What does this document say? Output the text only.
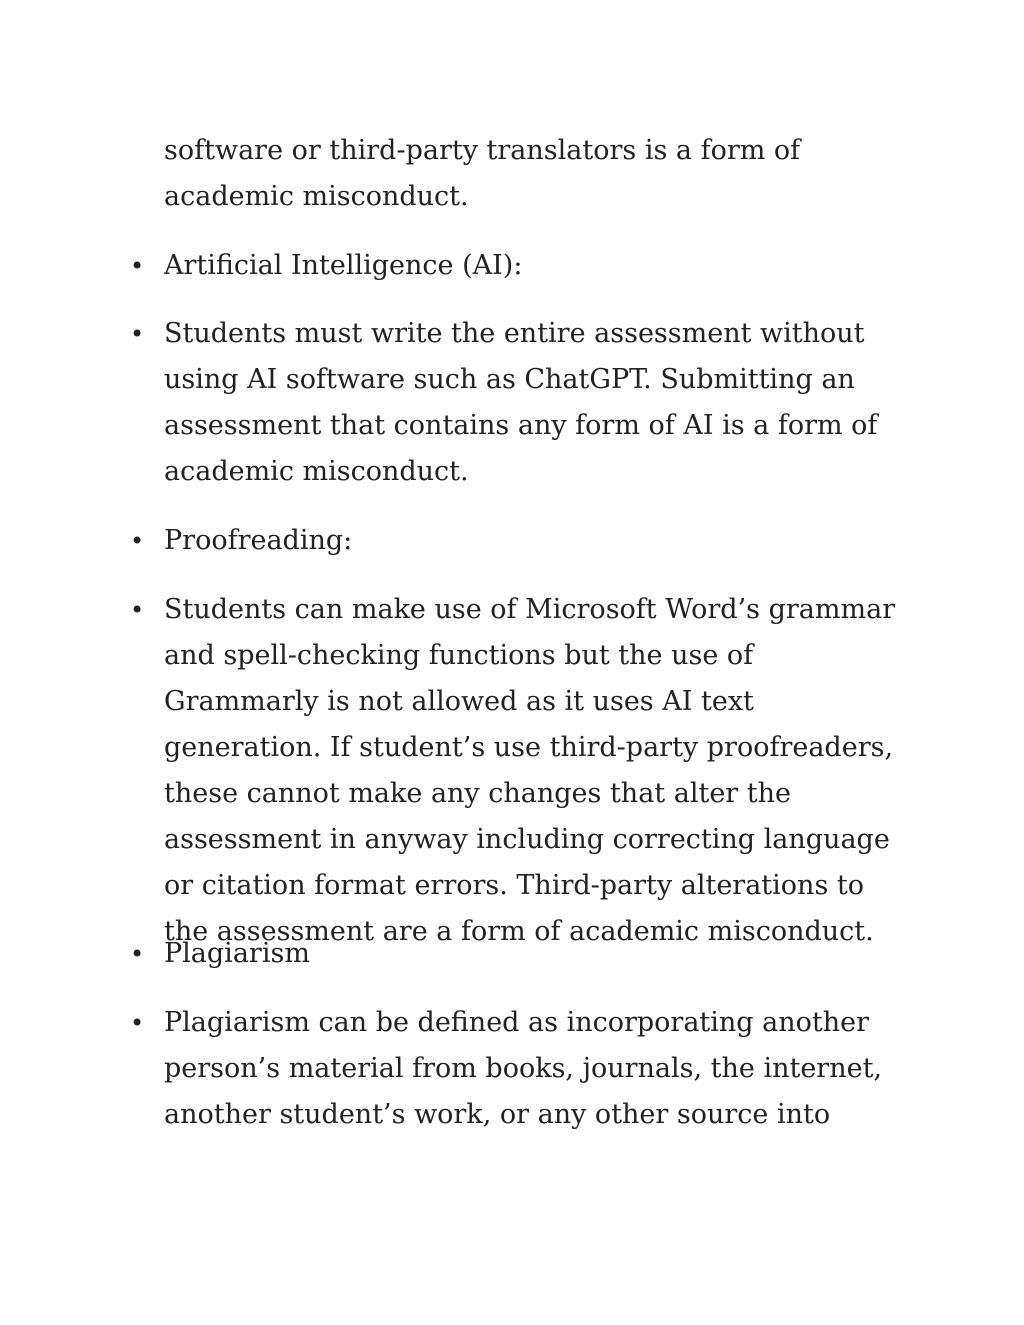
software or third-party translators is a form of academic misconduct.

• Artificial Intelligence (AI):
• Students must write the entire assessment without using AI software such as ChatGPT. Submitting an assessment that contains any form of AI is a form of academic misconduct.
• Proofreading:
• Students can make use of Microsoft Word’s grammar and spell-checking functions but the use of Grammarly is not allowed as it uses AI text generation. If student’s use third-party proofreaders, these cannot make any changes that alter the assessment in anyway including correcting language or citation format errors. Third-party alterations to the assessment are a form of academic misconduct.
• Plagiarism
• Plagiarism can be defined as incorporating another person’s material from books, journals, the internet, another student’s work, or any other source into
